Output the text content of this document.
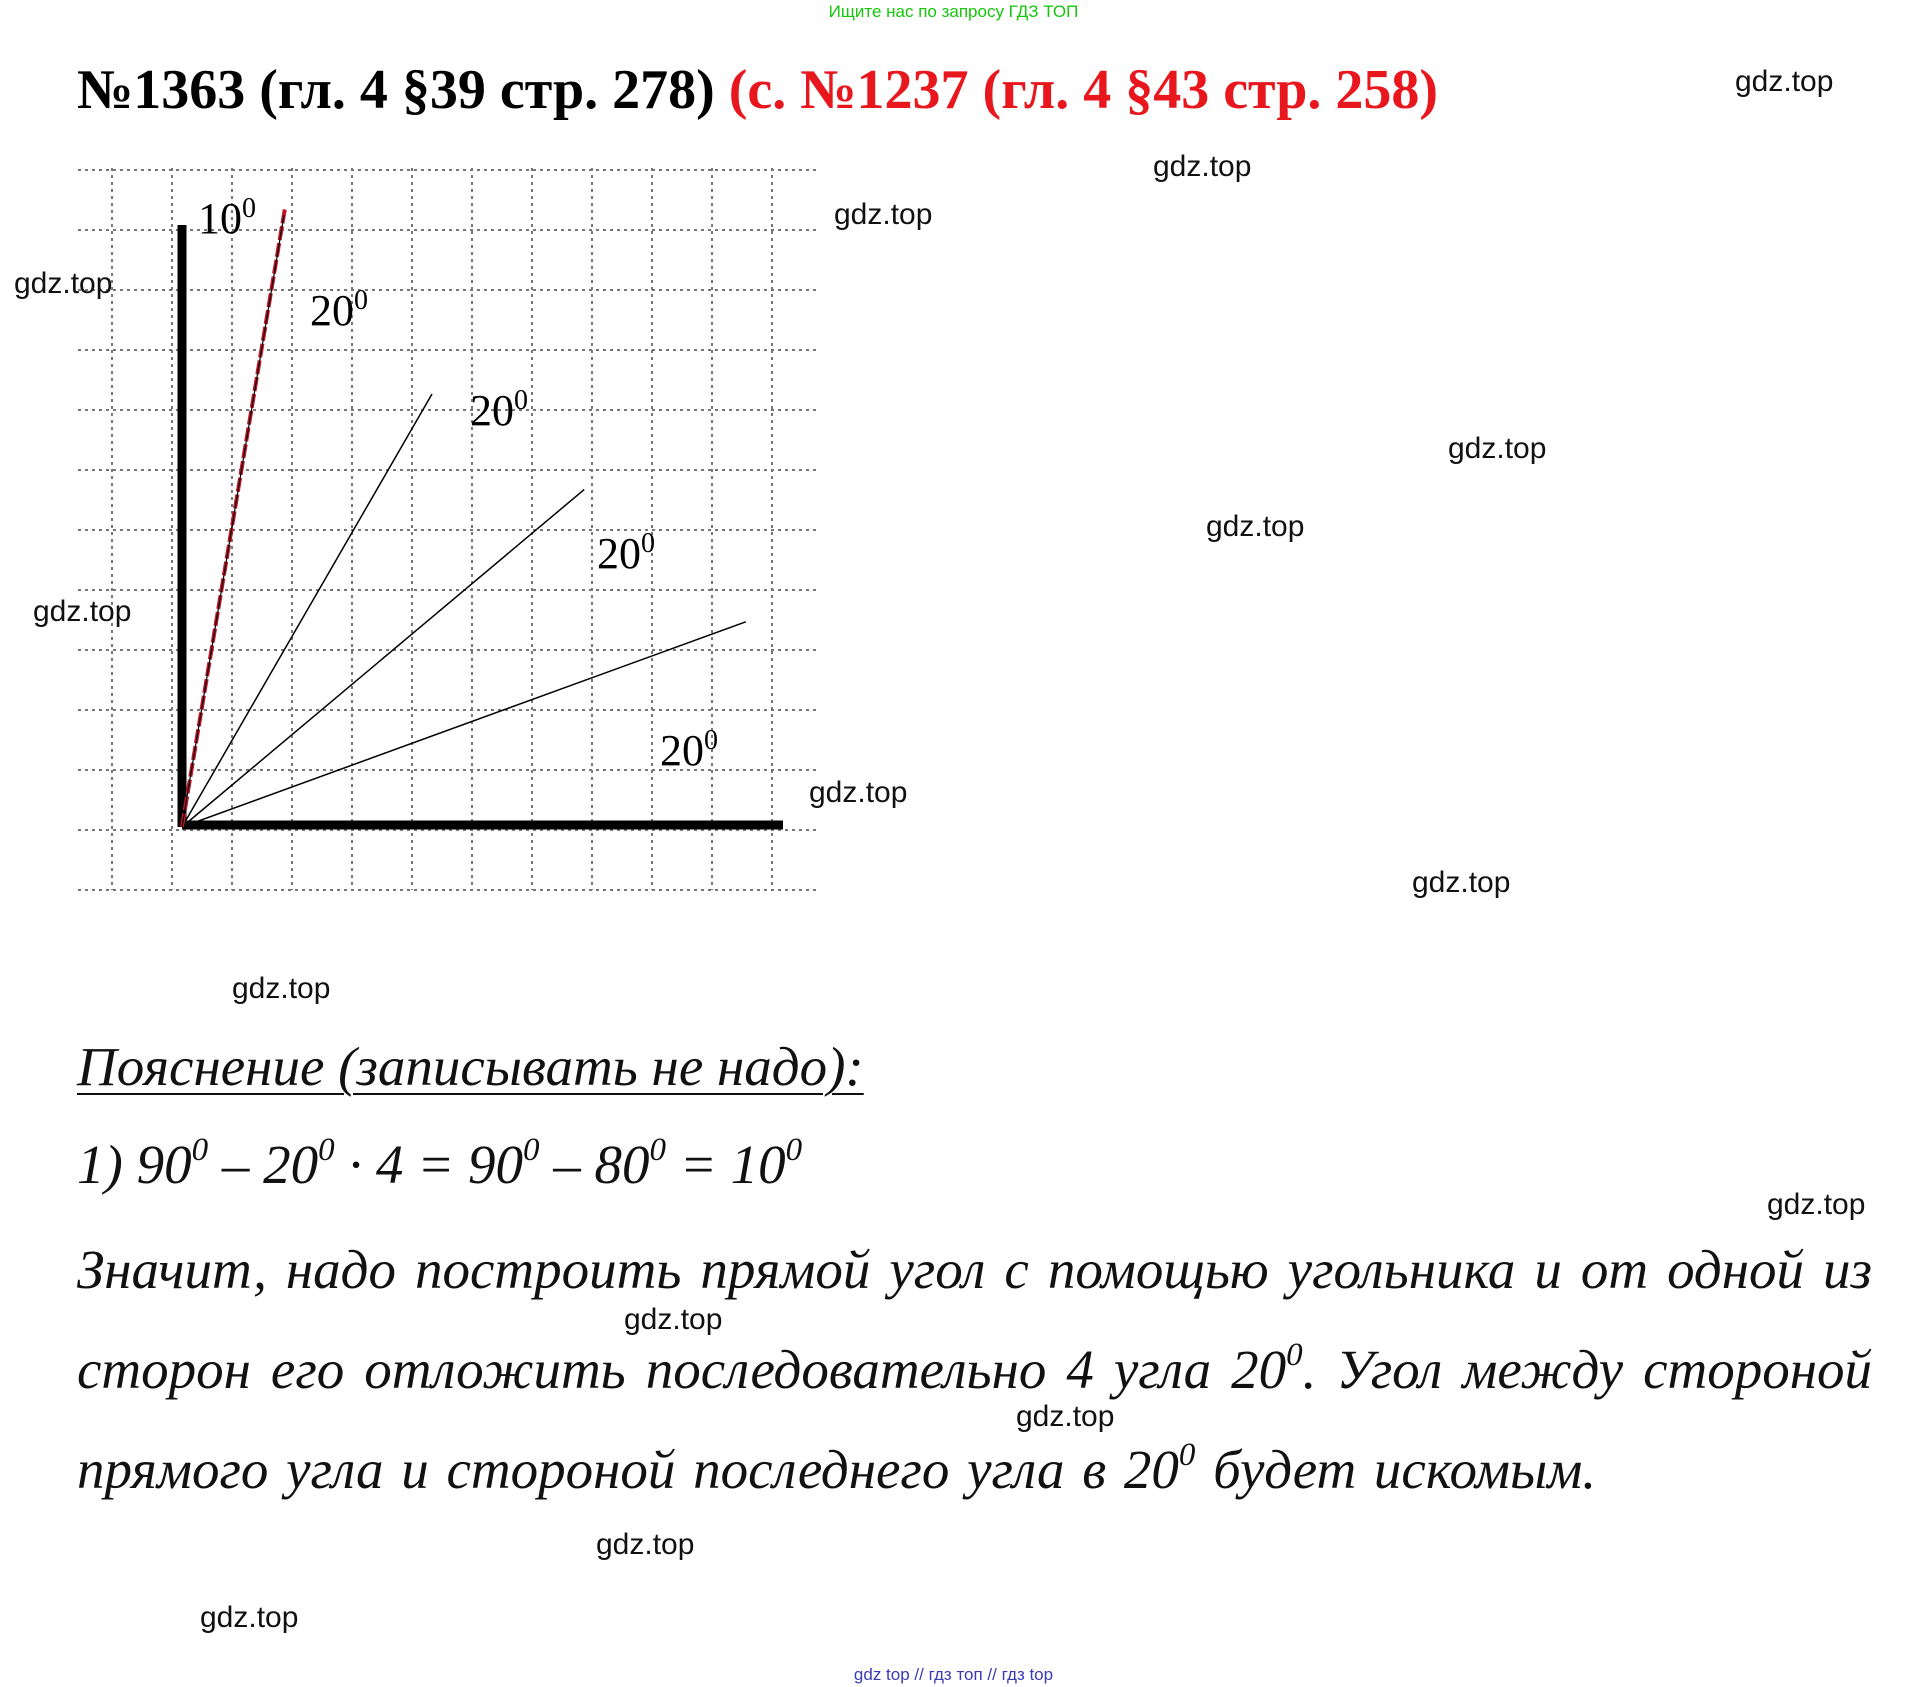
Ищите нас по запросу ГДЗ ТОП
№1363 (гл. 4 §39 стр. 278) (с. №1237 (гл. 4 §43 стр. 258)
$10^0$
$20^0$
$20^0$
$20^0$
$20^0$
gdz.top
gdz.top
gdz.top
gdz.top
gdz.top
gdz.top
gdz.top
gdz.top
gdz.top
gdz.top
gdz.top
gdz.top
gdz.top
gdz.top
gdz.top
Пояснение (записывать не надо):
1) $90^0 - 20^0 \cdot 4 = 90^0 - 80^0 = 10^0$
Значит, надо построить прямой угол с помощью угольника и от одной из сторон его отложить последовательно 4 угла $20^0$. Угол между стороной прямого угла и стороной последнего угла в $20^0$ будет искомым.
gdz top // гдз топ // гдз top
